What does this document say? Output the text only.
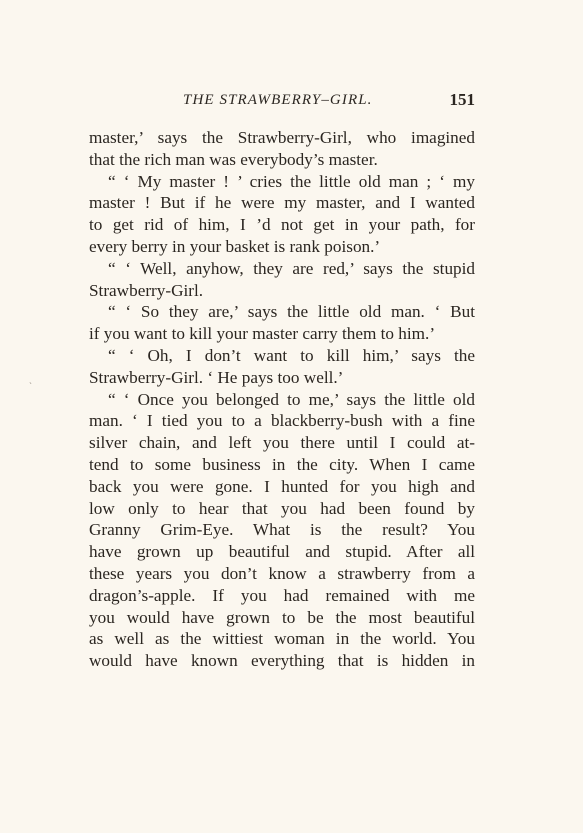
THE STRAWBERRY–GIRL.	151
`
master,’ says the Strawberry-Girl, who imagined
that the rich man was everybody’s master.
“ ‘ My master ! ’ cries the little old man ; ‘ my
master ! But if he were my master, and I wanted
to get rid of him, I ’d not get in your path, for
every berry in your basket is rank poison.’
“ ‘ Well, anyhow, they are red,’ says the stupid
Strawberry-Girl.
“ ‘ So they are,’ says the little old man. ‘ But
if you want to kill your master carry them to him.’
“ ‘ Oh, I don’t want to kill him,’ says the
Strawberry-Girl. ‘ He pays too well.’
“ ‘ Once you belonged to me,’ says the little old
man. ‘ I tied you to a blackberry-bush with a fine
silver chain, and left you there until I could at-
tend to some business in the city. When I came
back you were gone. I hunted for you high and
low only to hear that you had been found by
Granny Grim-Eye. What is the result? You
have grown up beautiful and stupid. After all
these years you don’t know a strawberry from a
dragon’s-apple. If you had remained with me
you would have grown to be the most beautiful
as well as the wittiest woman in the world. You
would have known everything that is hidden in
